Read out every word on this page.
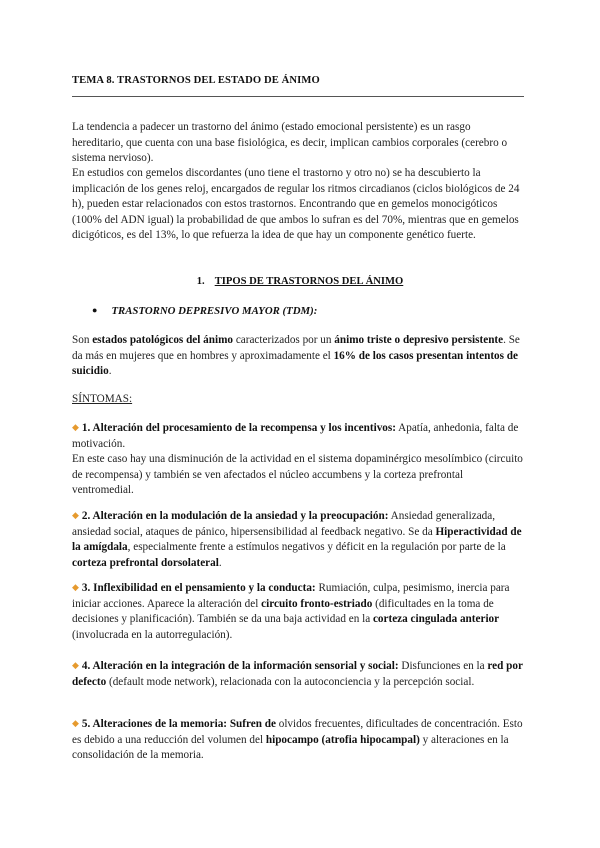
TEMA 8. TRASTORNOS DEL ESTADO DE ÁNIMO
La tendencia a padecer un trastorno del ánimo (estado emocional persistente) es un rasgo hereditario, que cuenta con una base fisiológica, es decir, implican cambios corporales (cerebro o sistema nervioso).
En estudios con gemelos discordantes (uno tiene el trastorno y otro no) se ha descubierto la implicación de los genes reloj, encargados de regular los ritmos circadianos (ciclos biológicos de 24 h), pueden estar relacionados con estos trastornos. Encontrando que en gemelos monocigóticos (100% del ADN igual) la probabilidad de que ambos lo sufran es del 70%, mientras que en gemelos dicigóticos, es del 13%, lo que refuerza la idea de que hay un componente genético fuerte.
1. TIPOS DE TRASTORNOS DEL ÁNIMO
● TRASTORNO DEPRESIVO MAYOR (TDM):
Son estados patológicos del ánimo caracterizados por un ánimo triste o depresivo persistente. Se da más en mujeres que en hombres y aproximadamente el 16% de los casos presentan intentos de suicidio.
SÍNTOMAS:
◆ 1. Alteración del procesamiento de la recompensa y los incentivos: Apatía, anhedonia, falta de motivación.
En este caso hay una disminución de la actividad en el sistema dopaminérgico mesolímbico (circuito de recompensa) y también se ven afectados el núcleo accumbens y la corteza prefrontal ventromedial.
◆ 2. Alteración en la modulación de la ansiedad y la preocupación: Ansiedad generalizada, ansiedad social, ataques de pánico, hipersensibilidad al feedback negativo. Se da Hiperactividad de la amígdala, especialmente frente a estímulos negativos y déficit en la regulación por parte de la corteza prefrontal dorsolateral.
◆ 3. Inflexibilidad en el pensamiento y la conducta: Rumiación, culpa, pesimismo, inercia para iniciar acciones. Aparece la alteración del circuito fronto-estriado (dificultades en la toma de decisiones y planificación). También se da una baja actividad en la corteza cingulada anterior (involucrada en la autorregulación).
◆ 4. Alteración en la integración de la información sensorial y social: Disfunciones en la red por defecto (default mode network), relacionada con la autoconciencia y la percepción social.
◆ 5. Alteraciones de la memoria: Sufren de olvidos frecuentes, dificultades de concentración. Esto es debido a una reducción del volumen del hipocampo (atrofia hipocampal) y alteraciones en la consolidación de la memoria.
